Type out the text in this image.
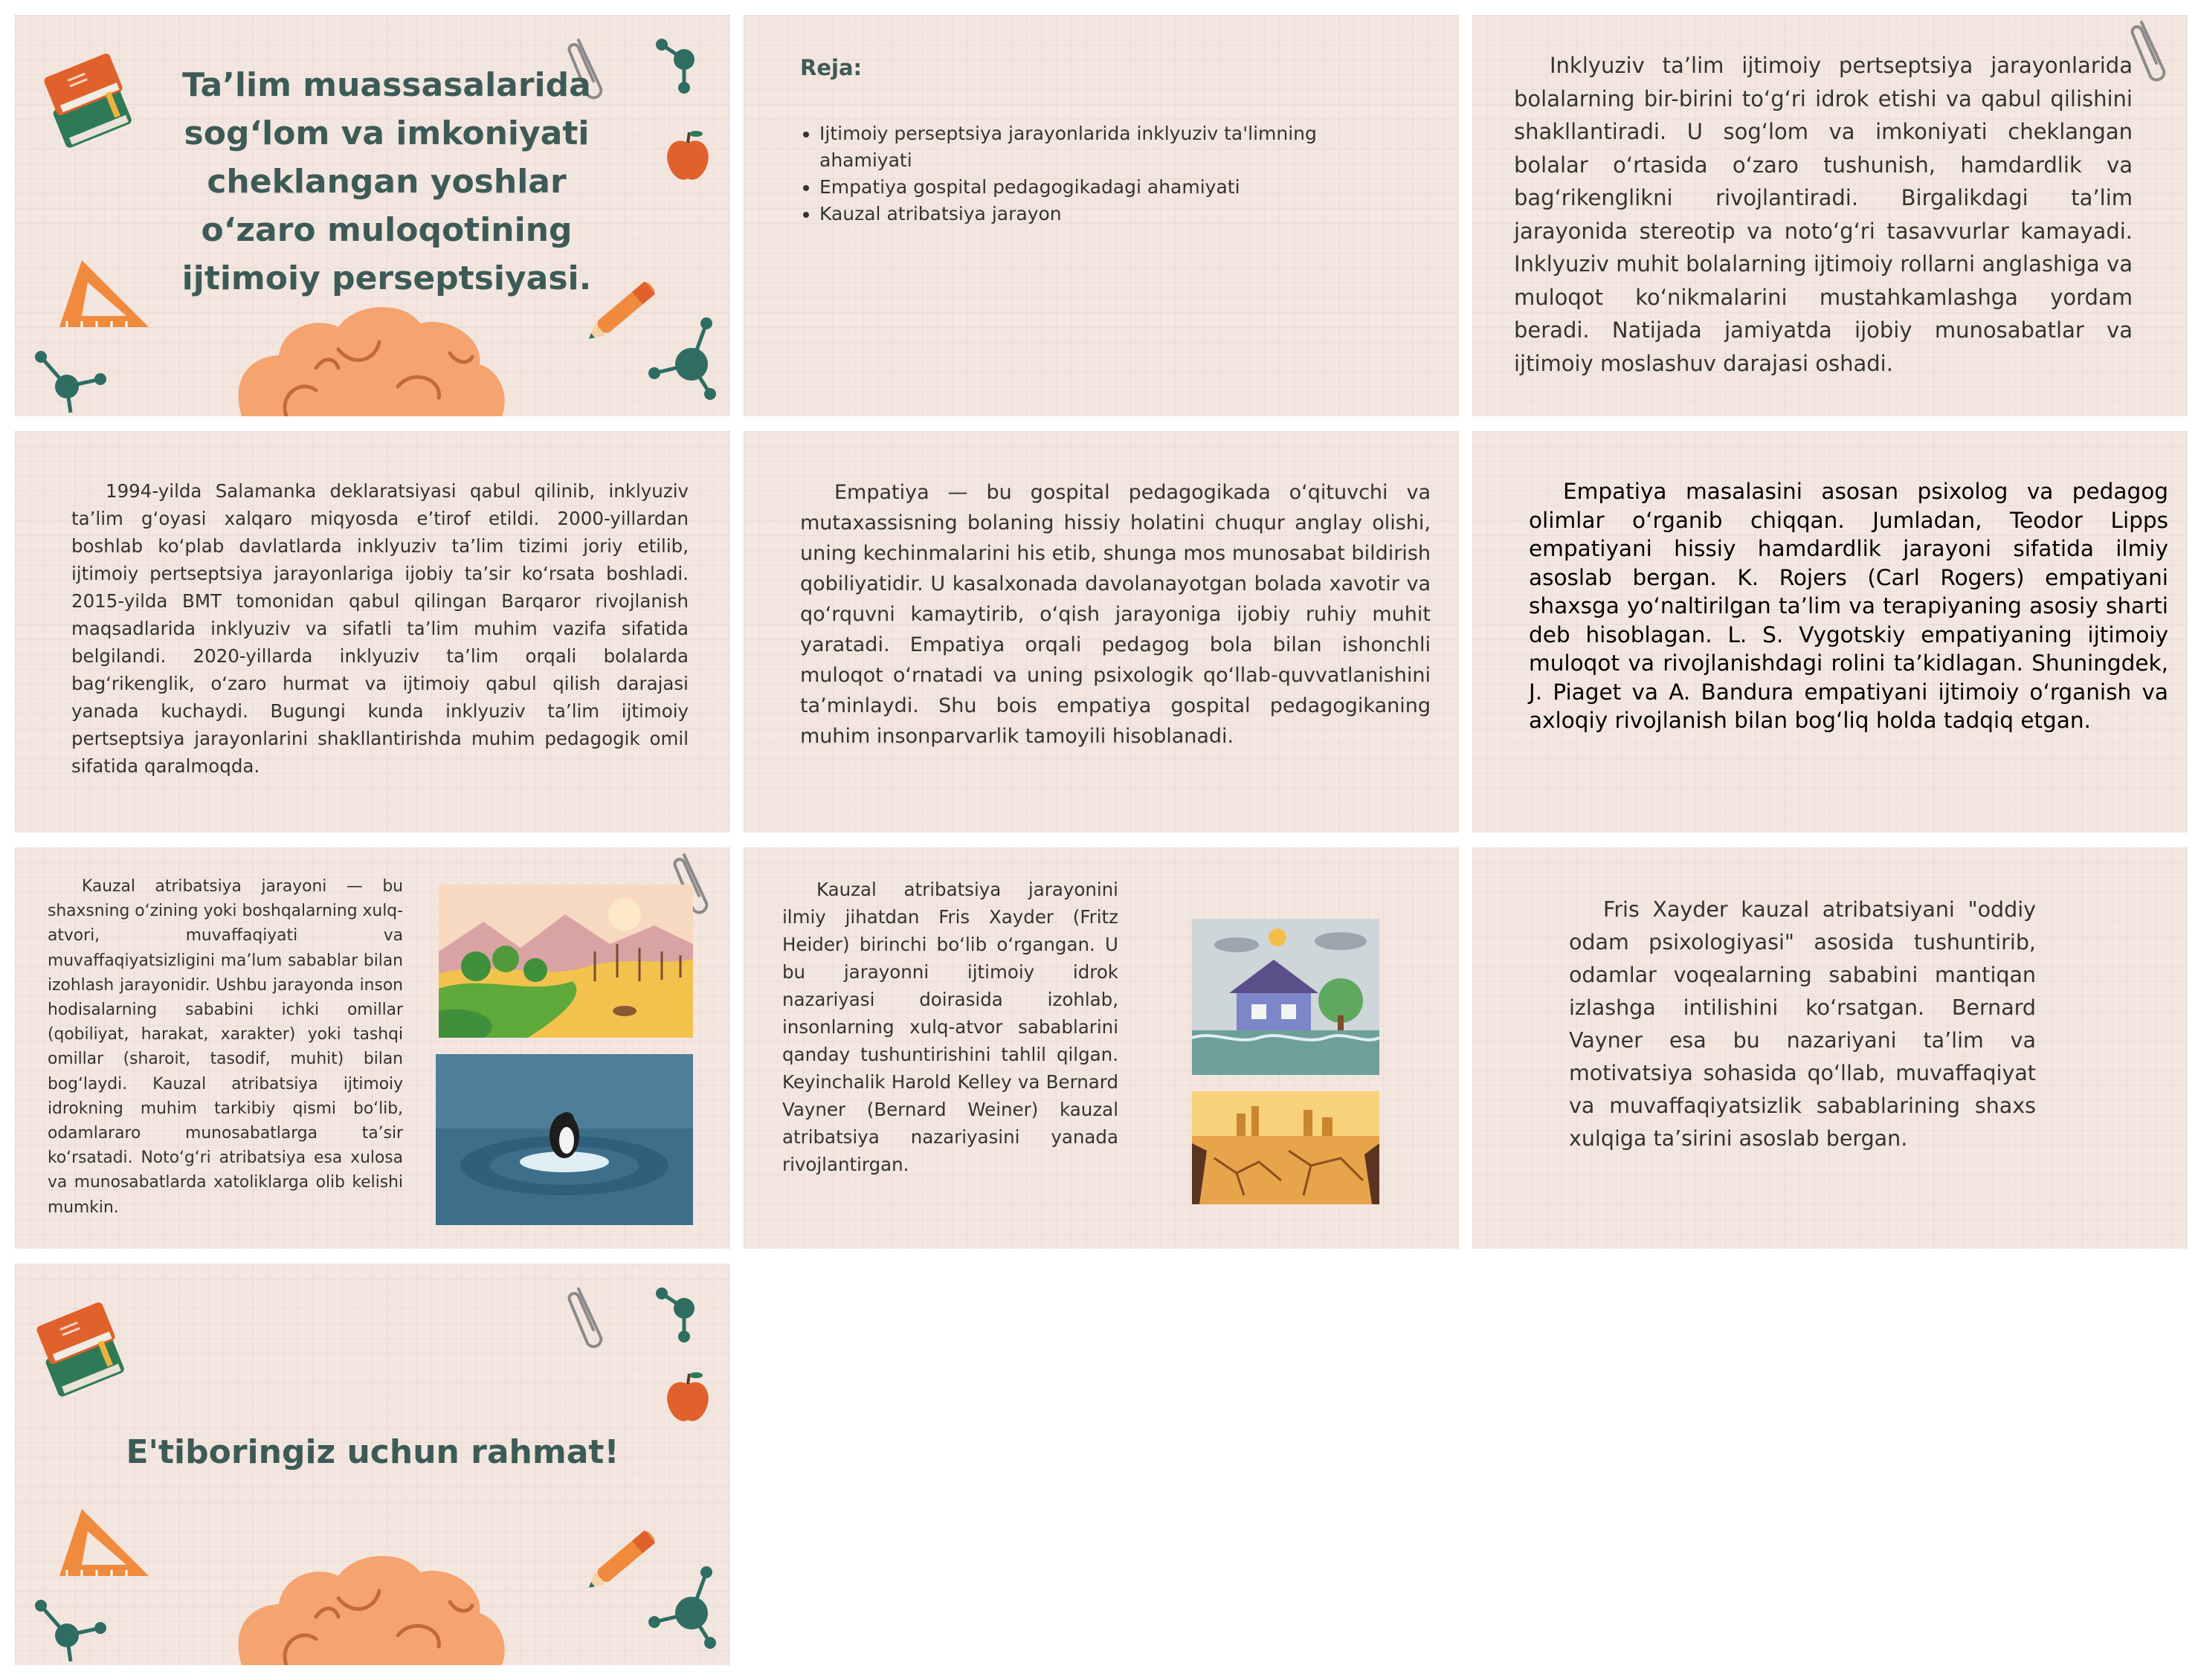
Ta’lim muassasalarida sog‘lom va imkoniyati cheklangan yoshlar o‘zaro muloqotining ijtimoiy perseptsiyasi.
Reja:
• Ijtimoiy perseptsiya jarayonlarida inklyuziv ta'limning ahamiyati
• Empatiya gospital pedagogikadagi ahamiyati
• Kauzal atribatsiya jarayon
Inklyuziv ta’lim ijtimoiy pertseptsiya jarayonlarida bolalarning bir-birini to‘g‘ri idrok etishi va qabul qilishini shakllantiradi. U sog‘lom va imkoniyati cheklangan bolalar o‘rtasida o‘zaro tushunish, hamdardlik va bag‘rikenglikni rivojlantiradi. Birgalikdagi ta’lim jarayonida stereotip va noto‘g‘ri tasavvurlar kamayadi. Inklyuziv muhit bolalarning ijtimoiy rollarni anglashiga va muloqot ko‘nikmalarini mustahkamlashga yordam beradi. Natijada jamiyatda ijobiy munosabatlar va ijtimoiy moslashuv darajasi oshadi.
1994-yilda Salamanka deklaratsiyasi qabul qilinib, inklyuziv ta’lim g‘oyasi xalqaro miqyosda e’tirof etildi. 2000-yillardan boshlab ko‘plab davlatlarda inklyuziv ta’lim tizimi joriy etilib, ijtimoiy pertseptsiya jarayonlariga ijobiy ta’sir ko‘rsata boshladi. 2015-yilda BMT tomonidan qabul qilingan Barqaror rivojlanish maqsadlarida inklyuziv va sifatli ta’lim muhim vazifa sifatida belgilandi. 2020-yillarda inklyuziv ta’lim orqali bolalarda bag‘rikenglik, o‘zaro hurmat va ijtimoiy qabul qilish darajasi yanada kuchaydi. Bugungi kunda inklyuziv ta’lim ijtimoiy pertseptsiya jarayonlarini shakllantirishda muhim pedagogik omil sifatida qaralmoqda.
Empatiya — bu gospital pedagogikada o‘qituvchi va mutaxassisning bolaning hissiy holatini chuqur anglay olishi, uning kechinmalarini his etib, shunga mos munosabat bildirish qobiliyatidir. U kasalxonada davolanayotgan bolada xavotir va qo‘rquvni kamaytirib, o‘qish jarayoniga ijobiy ruhiy muhit yaratadi. Empatiya orqali pedagog bola bilan ishonchli muloqot o‘rnatadi va uning psixologik qo‘llab-quvvatlanishini ta’minlaydi. Shu bois empatiya gospital pedagogikaning muhim insonparvarlik tamoyili hisoblanadi.
Empatiya masalasini asosan psixolog va pedagog olimlar o‘rganib chiqqan. Jumladan, Teodor Lipps empatiyani hissiy hamdardlik jarayoni sifatida ilmiy asoslab bergan. K. Rojers (Carl Rogers) empatiyani shaxsga yo‘naltirilgan ta’lim va terapiyaning asosiy sharti deb hisoblagan. L. S. Vygotskiy empatiyaning ijtimoiy muloqot va rivojlanishdagi rolini ta’kidlagan. Shuningdek, J. Piaget va A. Bandura empatiyani ijtimoiy o‘rganish va axloqiy rivojlanish bilan bog‘liq holda tadqiq etgan.
Kauzal atribatsiya jarayoni — bu shaxsning o‘zining yoki boshqalarning xulq-atvori, muvaffaqiyati va muvaffaqiyatsizligini ma’lum sabablar bilan izohlash jarayonidir. Ushbu jarayonda inson hodisalarning sababini ichki omillar (qobiliyat, harakat, xarakter) yoki tashqi omillar (sharoit, tasodif, muhit) bilan bog‘laydi. Kauzal atribatsiya ijtimoiy idrokning muhim tarkibiy qismi bo‘lib, odamlararo munosabatlarga ta’sir ko‘rsatadi. Noto‘g‘ri atribatsiya esa xulosa va munosabatlarda xatoliklarga olib kelishi mumkin.
Kauzal atribatsiya jarayonini ilmiy jihatdan Fris Xayder (Fritz Heider) birinchi bo‘lib o‘rgangan. U bu jarayonni ijtimoiy idrok nazariyasi doirasida izohlab, insonlarning xulq-atvor sabablarini qanday tushuntirishini tahlil qilgan. Keyinchalik Harold Kelley va Bernard Vayner (Bernard Weiner) kauzal atribatsiya nazariyasini yanada rivojlantirgan.
Fris Xayder kauzal atribatsiyani "oddiy odam psixologiyasi" asosida tushuntirib, odamlar voqealarning sababini mantiqan izlashga intilishini ko‘rsatgan. Bernard Vayner esa bu nazariyani ta’lim va motivatsiya sohasida qo‘llab, muvaffaqiyat va muvaffaqiyatsizlik sabablarining shaxs xulqiga ta’sirini asoslab bergan.
E'tiboringiz uchun rahmat!
